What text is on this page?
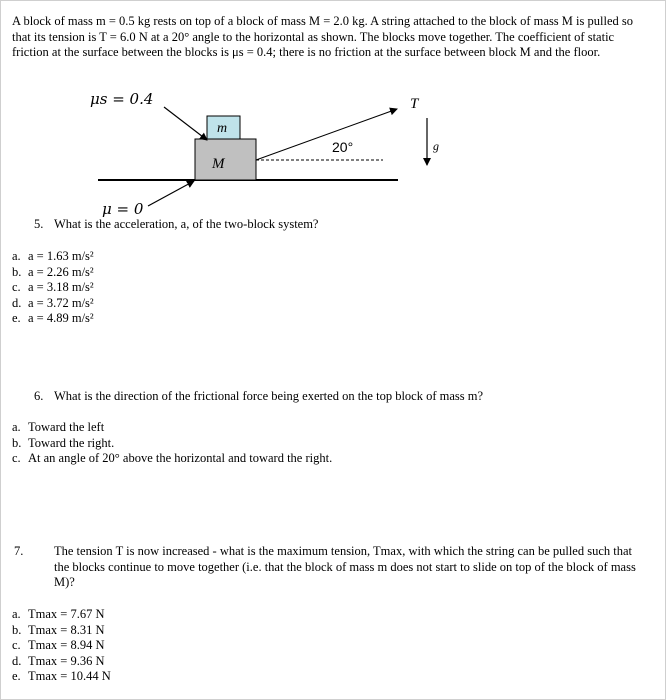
A block of mass m = 0.5 kg rests on top of a block of mass M = 2.0 kg. A string attached to the block of mass M is pulled so that its tension is T = 6.0 N at a 20° angle to the horizontal as shown. The blocks move together. The coefficient of static friction at the surface between the blocks is μs = 0.4; there is no friction at the surface between block M and the floor.

μs = 0.4
m
M
T
20°	g
μ = 0
5. What is the acceleration, a, of the two-block system?
a. a = 1.63 m/s²
b. a = 2.26 m/s²
c. a = 3.18 m/s²
d. a = 3.72 m/s²
e. a = 4.89 m/s²
6. What is the direction of the frictional force being exerted on the top block of mass m?
a. Toward the left
b. Toward the right.
c. At an angle of 20° above the horizontal and toward the right.
7. The tension T is now increased - what is the maximum tension, Tmax, with which the string can be pulled such that the blocks continue to move together (i.e. that the block of mass m does not start to slide on top of the block of mass M)?
a. Tmax = 7.67 N
b. Tmax = 8.31 N
c. Tmax = 8.94 N
d. Tmax = 9.36 N
e. Tmax = 10.44 N
